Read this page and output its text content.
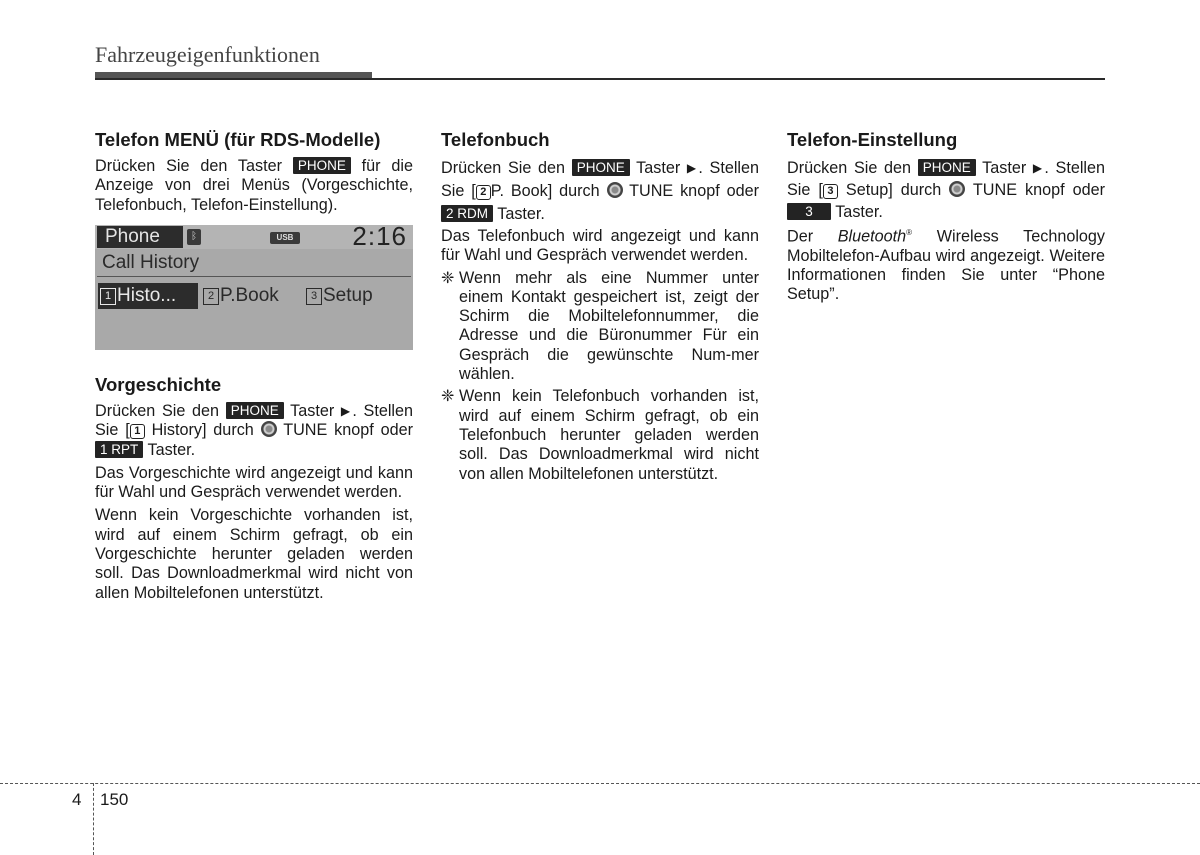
Fahrzeugeigenfunktionen
Telefon MENÜ (für RDS-Modelle)

Drücken Sie den Taster PHONE für die Anzeige von drei Menüs (Vorgeschichte, Telefonbuch, Telefon-Einstellung).

Phone	ᛒ	USB 2:16
Call History
1 Histo...	2 P.Book	3 Setup
Vorgeschichte

Drücken Sie den PHONE Taster ▶. Stellen Sie [ 1 History] durch TUNE knopf oder 1 RPT Taster.

Das Vorgeschichte wird angezeigt und kann für Wahl und Gespräch verwendet werden.

Wenn kein Vorgeschichte vorhanden ist, wird auf einem Schirm gefragt, ob ein Vorgeschichte herunter geladen werden soll. Das Downloadmerkmal wird nicht von allen Mobiltelefonen unterstützt.

Telefonbuch

Drücken Sie den PHONE Taster ▶. Stellen Sie [ 2 P. Book] durch TUNE knopf oder 2 RDM Taster.

Das Telefonbuch wird angezeigt und kann für Wahl und Gespräch verwendet werden.

❈ Wenn mehr als eine Nummer unter einem Kontakt gespeichert ist, zeigt der Schirm die Mobiltelefonnummer, die Adresse und die Büronummer Für ein Gespräch die gewünschte Num-mer wählen.
❈ Wenn kein Telefonbuch vorhanden ist, wird auf einem Schirm gefragt, ob ein Telefonbuch herunter geladen werden soll. Das Downloadmerkmal wird nicht von allen Mobiltelefonen unterstützt.
Telefon-Einstellung

Drücken Sie den PHONE Taster ▶. Stellen Sie [ 3 Setup] durch TUNE knopf oder 3 Taster.

Der Bluetooth® Wireless Technology Mobiltelefon-Aufbau wird angezeigt. Weitere Informationen finden Sie unter “Phone Setup”.

4 150
